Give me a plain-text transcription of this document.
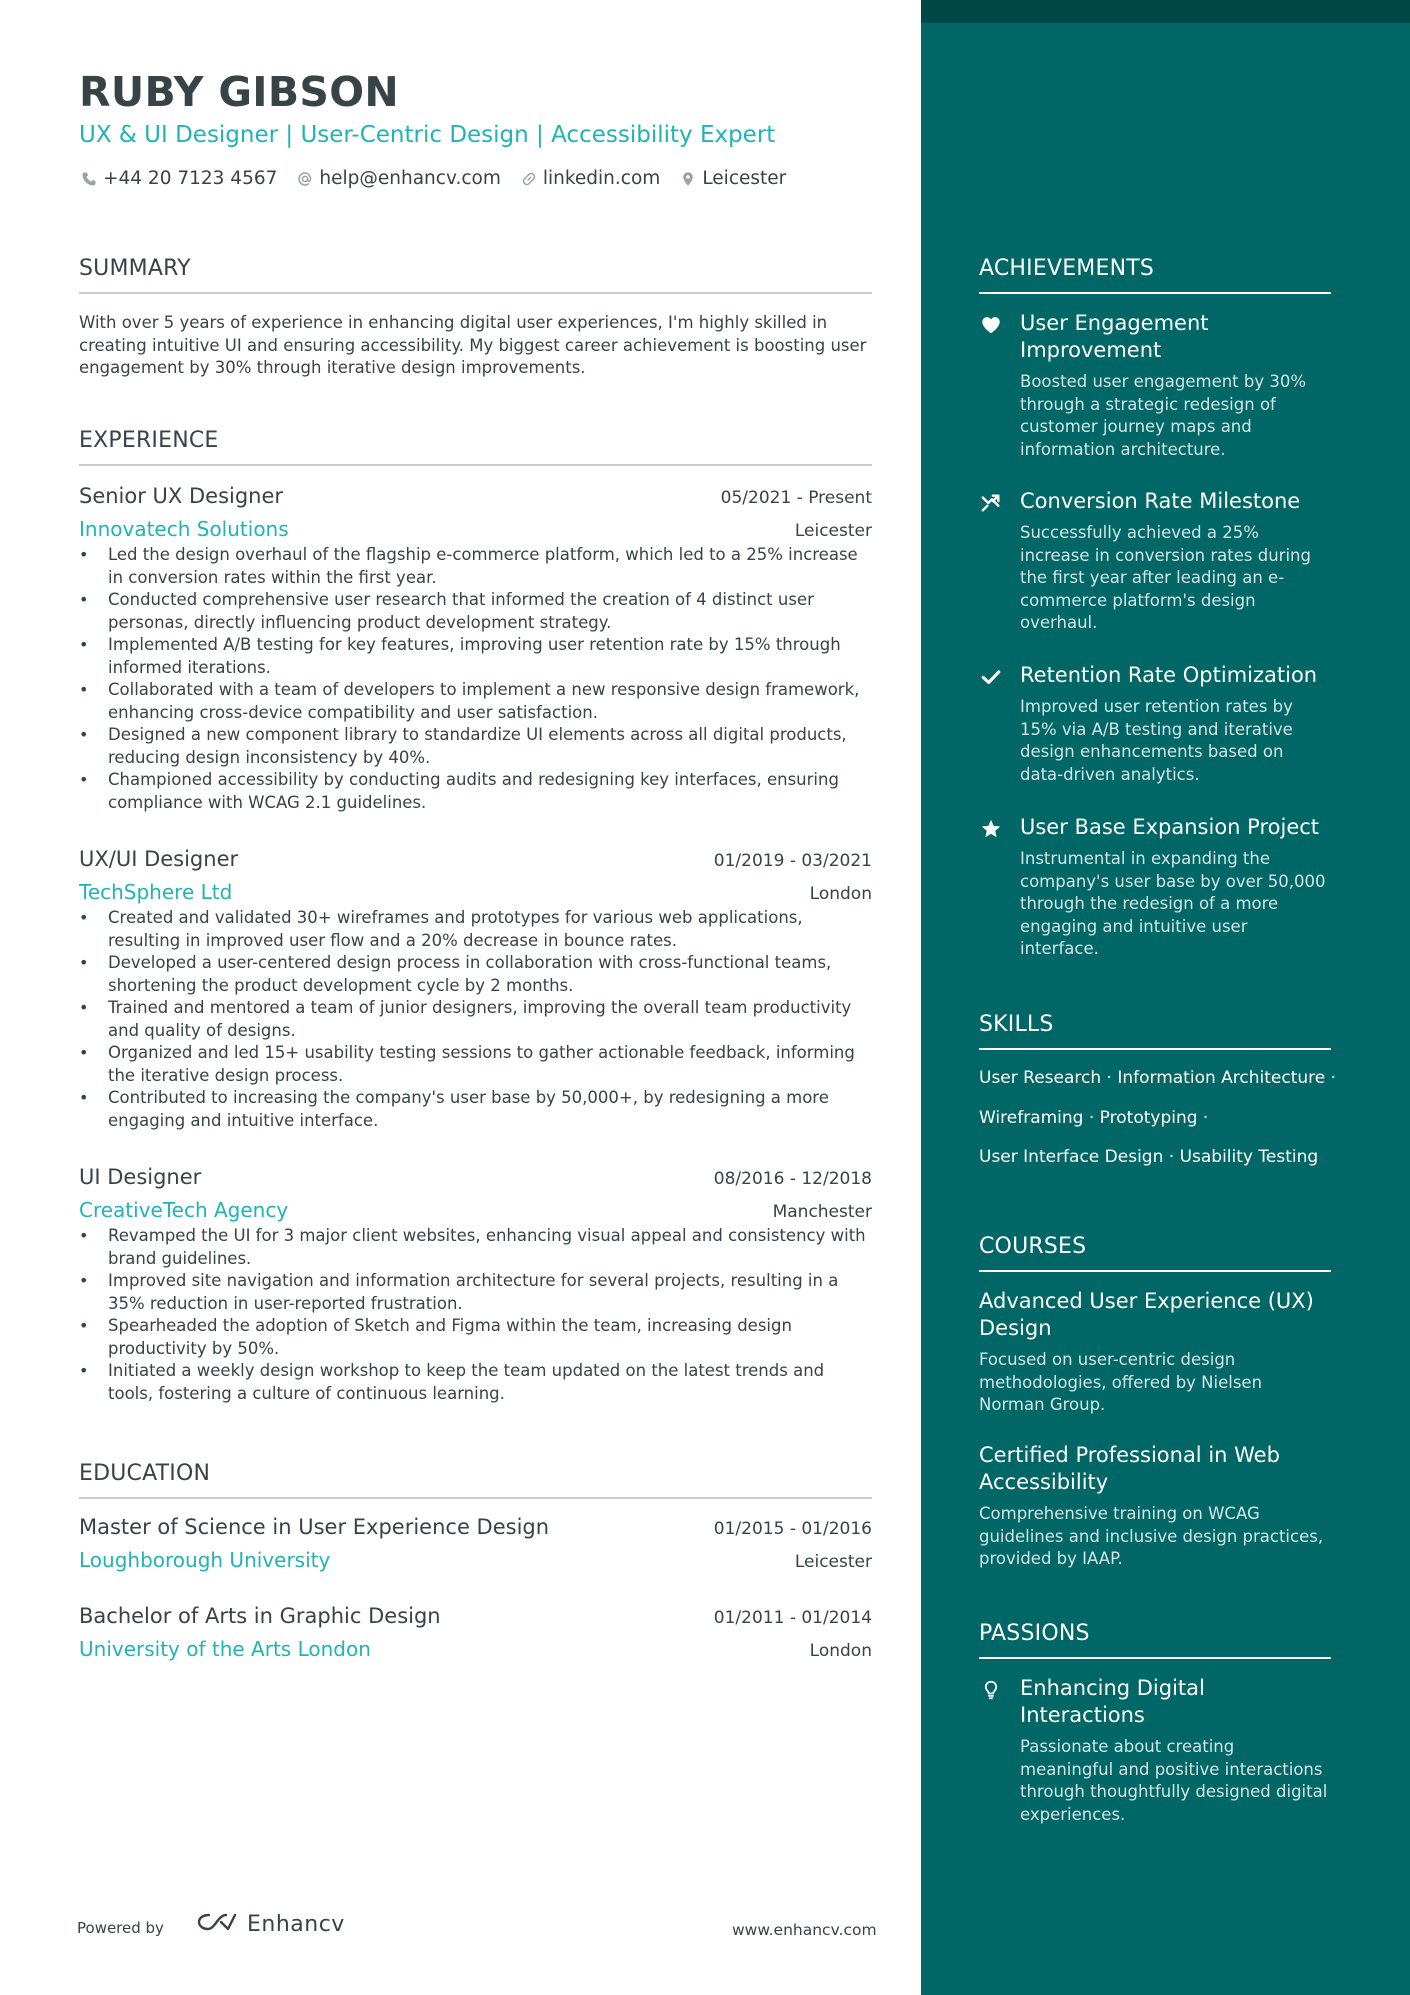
RUBY GIBSON
UX & UI Designer | User-Centric Design | Accessibility Expert
+44 20 7123 4567 help@enhancv.com linkedin.com Leicester
SUMMARY
With over 5 years of experience in enhancing digital user experiences, I'm highly skilled in creating intuitive UI and ensuring accessibility. My biggest career achievement is boosting user engagement by 30% through iterative design improvements.
EXPERIENCE
Senior UX Designer	05/2021 - Present
Innovatech Solutions	Leicester
• Led the design overhaul of the flagship e-commerce platform, which led to a 25% increase in conversion rates within the first year.
• Conducted comprehensive user research that informed the creation of 4 distinct user personas, directly influencing product development strategy.
• Implemented A/B testing for key features, improving user retention rate by 15% through informed iterations.
• Collaborated with a team of developers to implement a new responsive design framework, enhancing cross-device compatibility and user satisfaction.
• Designed a new component library to standardize UI elements across all digital products, reducing design inconsistency by 40%.
• Championed accessibility by conducting audits and redesigning key interfaces, ensuring compliance with WCAG 2.1 guidelines.
UX/UI Designer	01/2019 - 03/2021
TechSphere Ltd	London
• Created and validated 30+ wireframes and prototypes for various web applications, resulting in improved user flow and a 20% decrease in bounce rates.
• Developed a user-centered design process in collaboration with cross-functional teams, shortening the product development cycle by 2 months.
• Trained and mentored a team of junior designers, improving the overall team productivity and quality of designs.
• Organized and led 15+ usability testing sessions to gather actionable feedback, informing the iterative design process.
• Contributed to increasing the company's user base by 50,000+, by redesigning a more engaging and intuitive interface.
UI Designer	08/2016 - 12/2018
CreativeTech Agency	Manchester
• Revamped the UI for 3 major client websites, enhancing visual appeal and consistency with brand guidelines.
• Improved site navigation and information architecture for several projects, resulting in a 35% reduction in user-reported frustration.
• Spearheaded the adoption of Sketch and Figma within the team, increasing design productivity by 50%.
• Initiated a weekly design workshop to keep the team updated on the latest trends and tools, fostering a culture of continuous learning.
EDUCATION
Master of Science in User Experience Design	01/2015 - 01/2016
Loughborough University	Leicester
Bachelor of Arts in Graphic Design	01/2011 - 01/2014
University of the Arts London	London
Powered by	Enhancv	www.enhancv.com
ACHIEVEMENTS
User Engagement Improvement
Boosted user engagement by 30% through a strategic redesign of customer journey maps and information architecture.
Conversion Rate Milestone
Successfully achieved a 25% increase in conversion rates during the first year after leading an e-commerce platform's design overhaul.
Retention Rate Optimization
Improved user retention rates by 15% via A/B testing and iterative design enhancements based on data-driven analytics.
User Base Expansion Project
Instrumental in expanding the company's user base by over 50,000 through the redesign of a more engaging and intuitive user interface.
SKILLS
User Research · Information Architecture ·
Wireframing · Prototyping ·
User Interface Design · Usability Testing
COURSES
Advanced User Experience (UX) Design
Focused on user-centric design methodologies, offered by Nielsen Norman Group.
Certified Professional in Web Accessibility
Comprehensive training on WCAG guidelines and inclusive design practices, provided by IAAP.
PASSIONS
Enhancing Digital Interactions
Passionate about creating meaningful and positive interactions through thoughtfully designed digital experiences.
